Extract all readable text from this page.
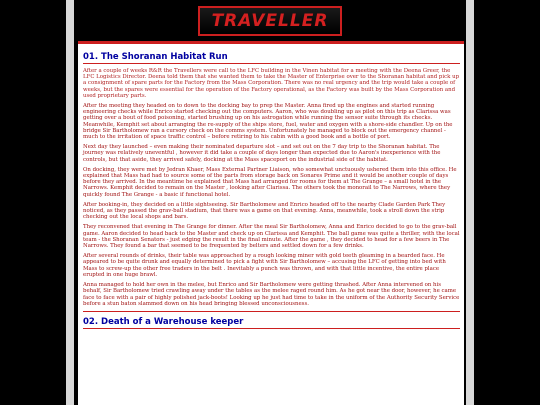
TRAVELLER
01. The Shoranan Habitat Run

After a couple of weeks R&R the Travellers were call to the LFC building in the Vinen habitat for a meeting with the Deena Greer, the LFC Logistics Director. Deena told them that she wanted them to take the Master of Enterprise over to the Shoranan habitat and pick up a consignment of spare parts for the Factory from the Mass Corporation. There was no real urgency and the trip would take a couple of weeks, but the spares were essential for the operation of the Factory operational, as the Factory was built by the Mass Corporation and used proprietary parts.

After the meeting they headed on to down to the docking bay to prep the Master. Anna fired up the engines and started running engineering checks while Enrico started checking out the computers. Aaron, who was doubling up as pilot on this trip as Clarissa was getting over a bout of food poisoning, started brushing up on his astrogation while running the sensor suite through its checks. Meanwhile, Kemphit set about arranging the re-supply of the ships store, fuel, water and oxygen with a shore-side chandler. Up on the bridge Sir Bartholomew ran a cursory check on the comms system. Unfortunately he managed to block out the emergency channel - much to the irritation of space traffic control – before retiring to his cabin with a good book and a bottle of port.

Next day they launched – even making their nominated departure slot – and set out on the 7 day trip to the Shoranan habitat. The journey was relatively uneventful , however it did take a couple of days longer than expected due to Aaron's inexperience with the controls, but that aside, they arrived safely, docking at the Mass spaceport on the industrial side of the habitat.

On docking, they were met by Jedran Khaer, Mass External Partner Liaison, who somewhat unctuously ushered them into this office. He explained that Mass had had to source some of the parts from storage back on Sonares Prime and it would be another couple of days before they arrived. In the meantime he explained that Mass had arranged for rooms for them at The Grange – a small hotel in the Narrows. Kemphit decided to remain on the Master , looking after Clarissa. The others took the monorail to The Narrows, where they quickly found The Grange - a basic if functional hotel.

After booking-in, they decided on a little sightseeing. Sir Bartholomew and Enrico headed off to the nearby Clade Garden Park They noticed, as they passed the grav-ball stadium, that there was a game on that evening. Anna, meanwhile, took a stroll down the strip checking out the local shops and bars.

They reconvened that evening in The Grange for dinner. After the meal Sir Bartholomew, Anna and Enrico decided to go to the grav-ball game. Aaron decided to head back to the Master and check up on Clarissa and Kemphit. The ball game was quite a thriller, with the local team - the Shoranan Senators - just edging the result in the final minute. After the game , they decided to head for a few beers in The Narrows. They found a bar that seemed to be frequented by belters and settled down for a few drinks.

After several rounds of drinks, their table was approached by a rough looking miner with gold teeth gleaming in a bearded face. He appeared to be quite drunk and equally determined to pick a fight with Sir Bartholomew – accusing the LFC of getting into bed with Mass to screw-up the other free traders in the belt . Inevitably a punch was thrown, and with that little incentive, the entire place erupted in one huge brawl.

Anna managed to hold her own in the melee, but Enrico and Sir Bartholomew were getting thrashed. After Anna intervened on his behalf, Sir Bartholomew tried crawling away under the tables as the melee raged round him. As he got near the door, however, he came face to face with a pair of highly polished jack-boots! Looking up he just had time to take in the uniform of the Authority Security Service before a stun baton slammed down on his head bringing blessed unconsciousness.

02. Death of a Warehouse keeper
